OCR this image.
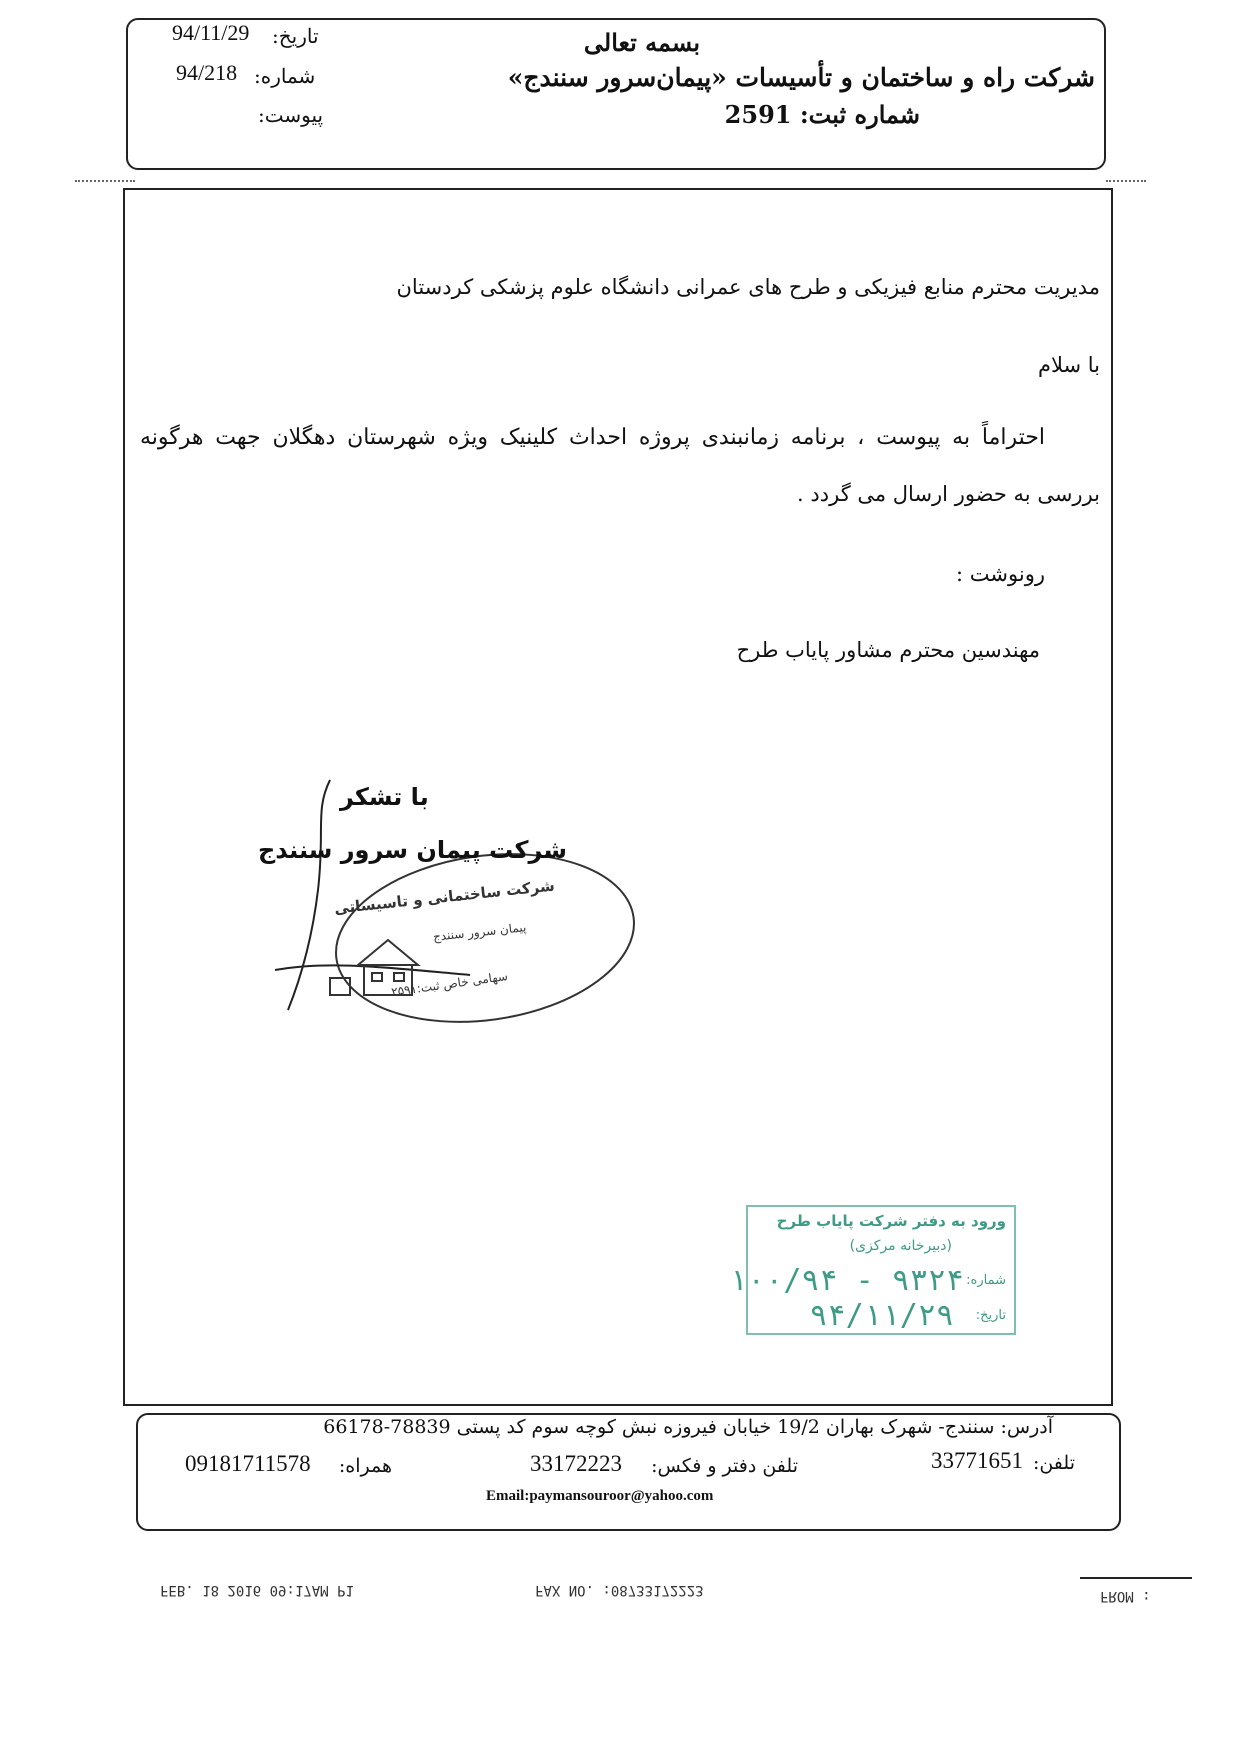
بسمه تعالی
شرکت راه و ساختمان و تأسیسات «پیمان‌سرور سنندج»
شماره ثبت: 2591
تاریخ:
94/11/29
شماره:
94/218
پیوست:
مدیریت محترم منابع فیزیکی و طرح های عمرانی دانشگاه علوم پزشکی کردستان
با سلام
احتراماً به پیوست ، برنامه زمانبندی پروژه احداث کلینیک ویژه شهرستان دهگلان جهت هرگونه
بررسی به حضور ارسال می گردد .
رونوشت :
مهندسین محترم مشاور پایاب طرح
شرکت ساختمانی و تاسیساتی
پیمان سرور سنندج
سهامی خاص ثبت:۲۵۹۱
با تشکر
شرکت پیمان سرور سنندج
ورود به دفتر شرکت پایاب طرح
(دبیرخانه مرکزی)
شماره:
۱۰۰/۹۴ - ۹۳۲۴
تاریخ:
۹۴/۱۱/۲۹
آدرس: سنندج- شهرک بهاران 19/2 خیابان فیروزه نبش کوچه سوم کد پستی 78839-66178
تلفن:
33771651
تلفن دفتر و فکس:
33172223
همراه:
09181711578
Email:paymansouroor@yahoo.com
FEB. 18 2016 09:17AM P1	FAX NO. :08733172223	FROM :
